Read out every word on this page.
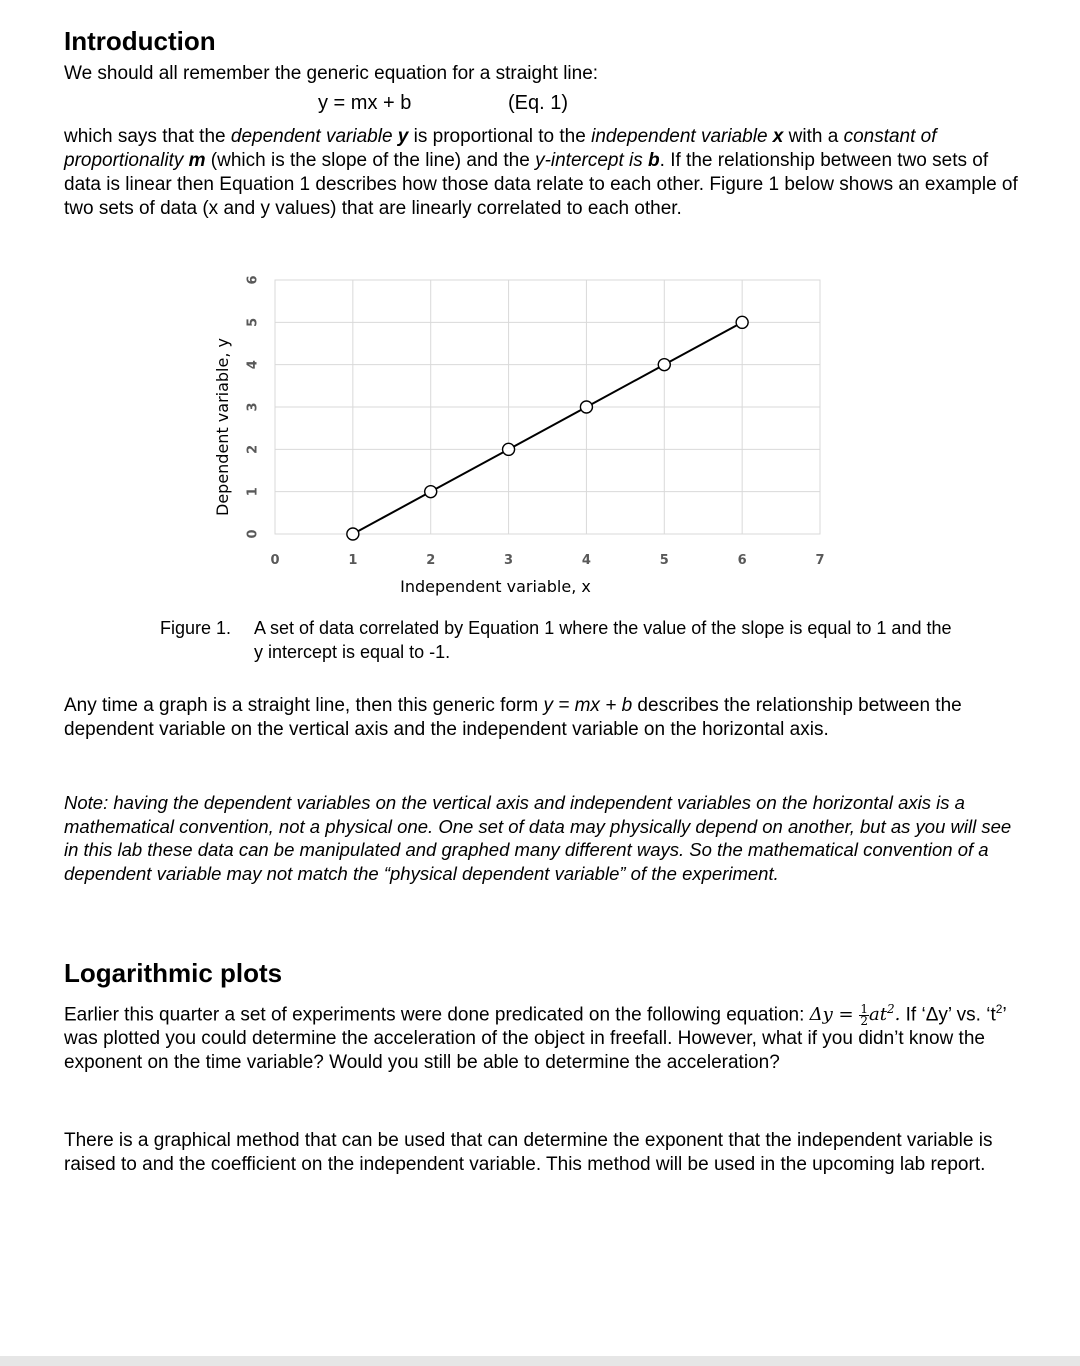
Introduction

We should all remember the generic equation for a straight line:

y = mx + b	(Eq. 1)

which says that the dependent variable y is proportional to the independent variable x with a constant of proportionality m (which is the slope of the line) and the y-intercept is b. If the relationship between two sets of data is linear then Equation 1 describes how those data relate to each other. Figure 1 below shows an example of two sets of data (x and y values) that are linearly correlated to each other.

0	1	2	3	4	5	6	7
0
1
2
3
4
5
6
Independent variable, x
Dependent variable, y
Figure 1. A set of data correlated by Equation 1 where the value of the slope is equal to 1 and the y intercept is equal to -1.

Any time a graph is a straight line, then this generic form y = mx + b describes the relationship between the dependent variable on the vertical axis and the independent variable on the horizontal axis.

Note: having the dependent variables on the vertical axis and independent variables on the horizontal axis is a mathematical convention, not a physical one. One set of data may physically depend on another, but as you will see in this lab these data can be manipulated and graphed many different ways. So the mathematical convention of a dependent variable may not match the “physical dependent variable” of the experiment.

Logarithmic plots

Earlier this quarter a set of experiments were done predicated on the following equation: $\Delta y = \frac{1}{2} at^2$. If ‘Δy’ vs. ‘$t^2$’ was plotted you could determine the acceleration of the object in freefall. However, what if you didn’t know the exponent on the time variable? Would you still be able to determine the acceleration?

There is a graphical method that can be used that can determine the exponent that the independent variable is raised to and the coefficient on the independent variable. This method will be used in the upcoming lab report.
